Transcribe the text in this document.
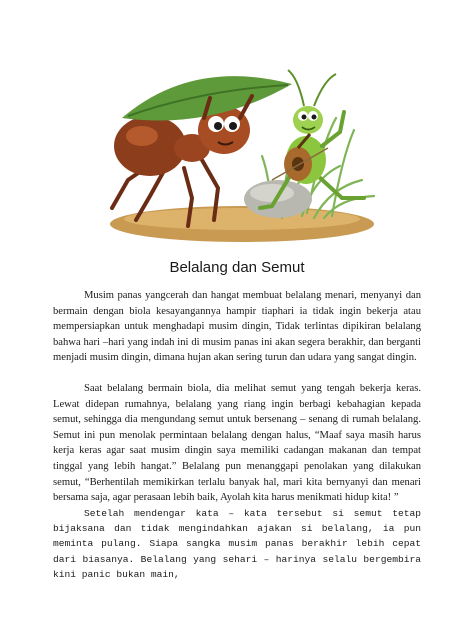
Belalang dan Semut

Musim panas yangcerah dan hangat membuat belalang menari, menyanyi dan bermain dengan biola kesayangannya hampir tiaphari ia tidak ingin bekerja atau mempersiapkan untuk menghadapi musim dingin, Tidak terlintas dipikiran belalang bahwa hari –hari yang indah ini di musim panas ini akan segera berakhir, dan berganti menjadi musim dingin, dimana hujan akan sering turun dan udara yang sangat dingin.

Saat belalang bermain biola, dia melihat semut yang tengah bekerja keras. Lewat didepan rumahnya, belalang yang riang ingin berbagi kebahagian kepada semut, sehingga dia mengundang semut untuk bersenang – senang di rumah belalang. Semut ini pun menolak permintaan belalang dengan halus, “Maaf saya masih harus kerja keras agar saat musim dingin saya memiliki cadangan makanan dan tempat tinggal yang lebih hangat.” Belalang pun menanggapi penolakan yang dilakukan semut, “Berhentilah memikirkan terlalu banyak hal, mari kita bernyanyi dan menari bersama saja, agar perasaan lebih baik, Ayolah kita harus menikmati hidup kita! ”

Setelah mendengar kata – kata tersebut si semut tetap bijaksana dan tidak mengindahkan ajakan si belalang, ia pun meminta pulang. Siapa sangka musim panas berakhir lebih cepat dari biasanya. Belalang yang sehari – harinya selalu bergembira kini panic bukan main,
